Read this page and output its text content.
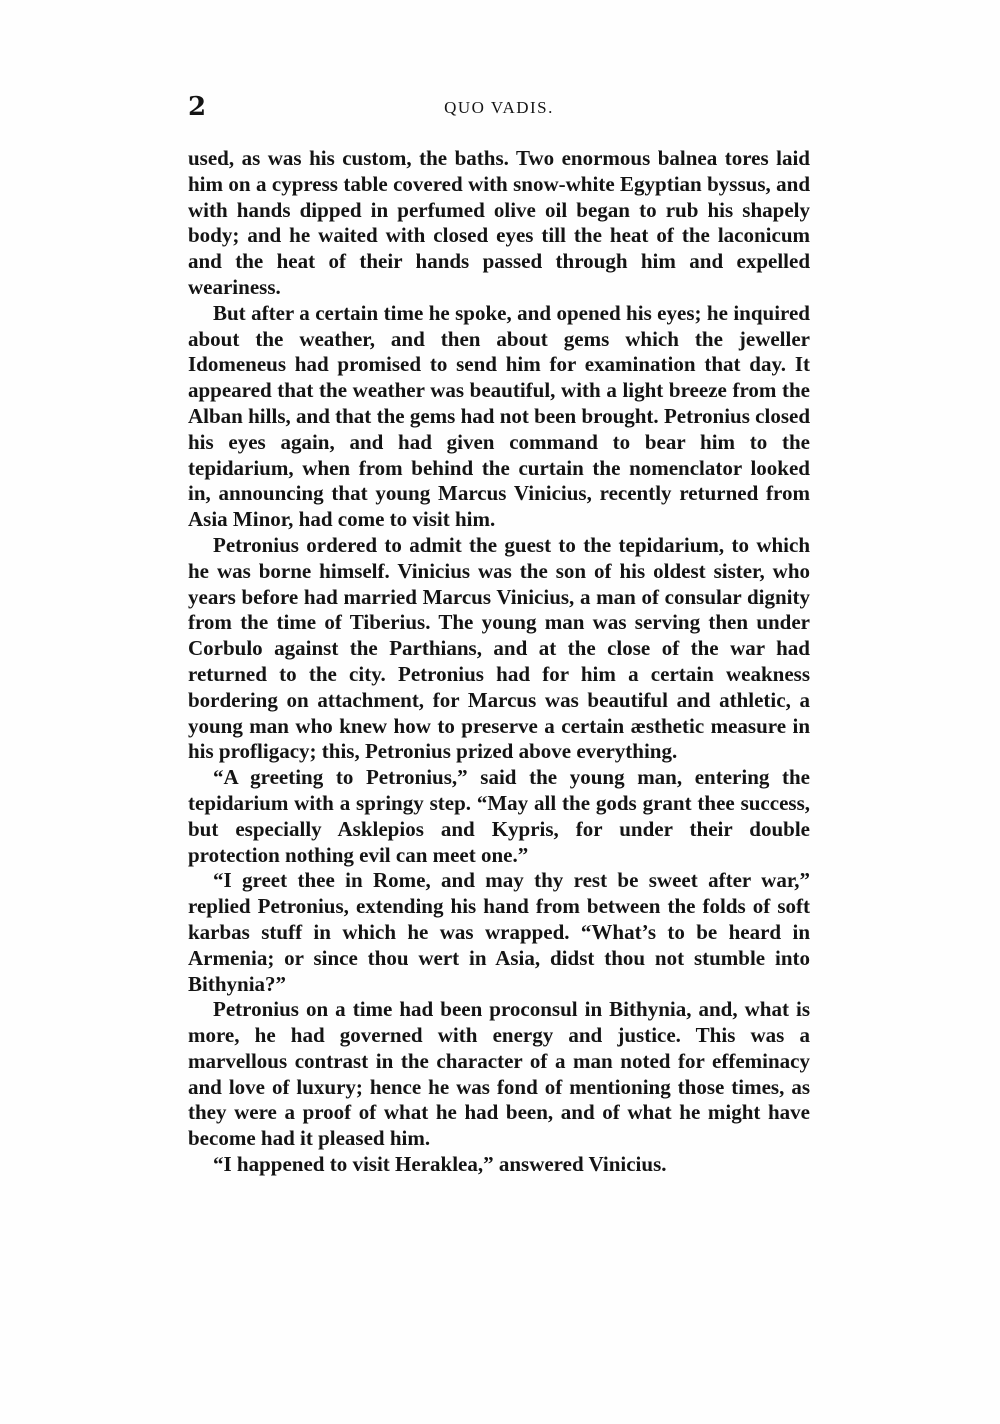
2	QUO VADIS.

used, as was his custom, the baths. Two enormous balnea tores laid him on a cypress table covered with snow-white Egyptian byssus, and with hands dipped in perfumed olive oil began to rub his shapely body; and he waited with closed eyes till the heat of the laconicum and the heat of their hands passed through him and expelled weariness.

But after a certain time he spoke, and opened his eyes; he inquired about the weather, and then about gems which the jeweller Idomeneus had promised to send him for examination that day. It appeared that the weather was beautiful, with a light breeze from the Alban hills, and that the gems had not been brought. Petronius closed his eyes again, and had given command to bear him to the tepidarium, when from behind the curtain the nomenclator looked in, announcing that young Marcus Vinicius, recently returned from Asia Minor, had come to visit him.

Petronius ordered to admit the guest to the tepidarium, to which he was borne himself. Vinicius was the son of his oldest sister, who years before had married Marcus Vinicius, a man of consular dignity from the time of Tiberius. The young man was serving then under Corbulo against the Parthians, and at the close of the war had returned to the city. Petronius had for him a certain weakness bordering on attachment, for Marcus was beautiful and athletic, a young man who knew how to preserve a certain æsthetic measure in his profligacy; this, Petronius prized above everything.

“A greeting to Petronius,” said the young man, entering the tepidarium with a springy step. “May all the gods grant thee success, but especially Asklepios and Kypris, for under their double protection nothing evil can meet one.”

“I greet thee in Rome, and may thy rest be sweet after war,” replied Petronius, extending his hand from between the folds of soft karbas stuff in which he was wrapped. “What’s to be heard in Armenia; or since thou wert in Asia, didst thou not stumble into Bithynia?”

Petronius on a time had been proconsul in Bithynia, and, what is more, he had governed with energy and justice. This was a marvellous contrast in the character of a man noted for effeminacy and love of luxury; hence he was fond of mentioning those times, as they were a proof of what he had been, and of what he might have become had it pleased him.

“I happened to visit Heraklea,” answered Vinicius.
